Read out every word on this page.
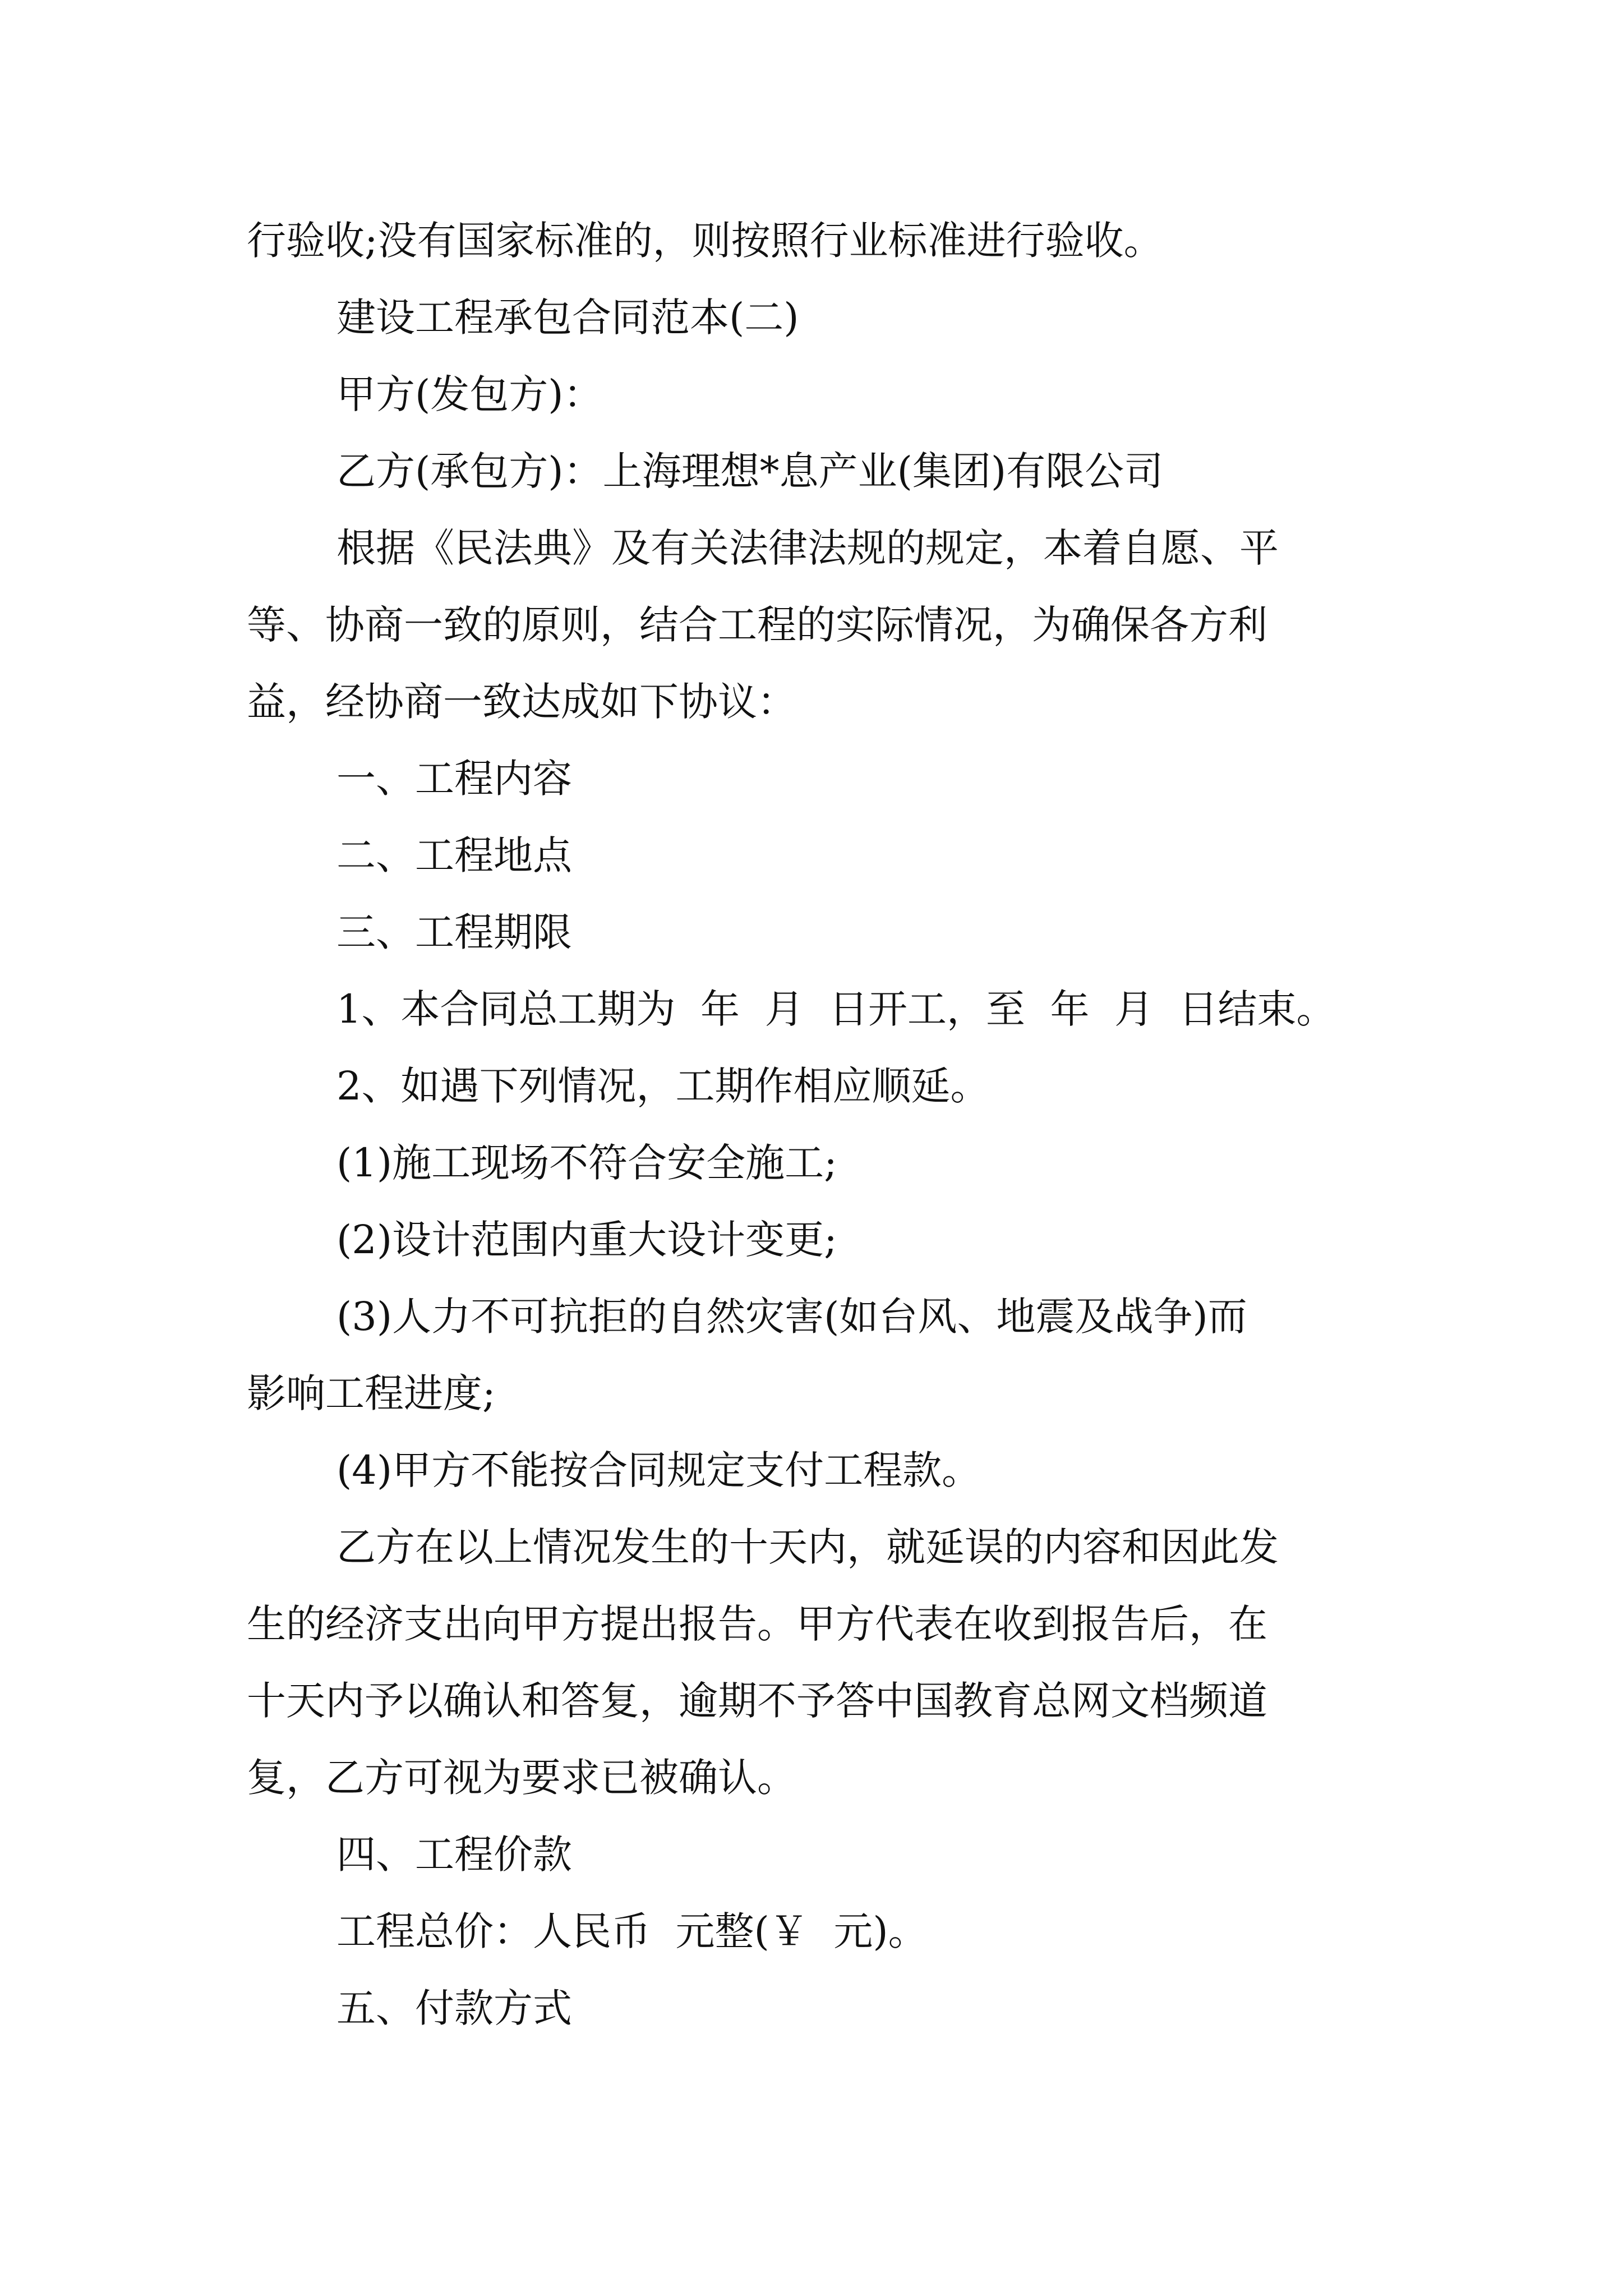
行验收;没有国家标准的，则按照行业标准进行验收。
建设工程承包合同范本(二)
甲方(发包方)：
乙方(承包方)：上海理想*息产业(集团)有限公司
根据《民法典》及有关法律法规的规定，本着自愿、平
等、协商一致的原则，结合工程的实际情况，为确保各方利
益，经协商一致达成如下协议：
一、工程内容
二、工程地点
三、工程期限
1、本合同总工期为  年  月  日开工，至  年  月  日结束。
2、如遇下列情况，工期作相应顺延。
(1)施工现场不符合安全施工;
(2)设计范围内重大设计变更;
(3)人力不可抗拒的自然灾害(如台风、地震及战争)而
影响工程进度;
(4)甲方不能按合同规定支付工程款。
乙方在以上情况发生的十天内，就延误的内容和因此发
生的经济支出向甲方提出报告。甲方代表在收到报告后，在
十天内予以确认和答复，逾期不予答中国教育总网文档频道
复，乙方可视为要求已被确认。
四、工程价款
工程总价：人民币  元整(￥  元)。
五、付款方式
